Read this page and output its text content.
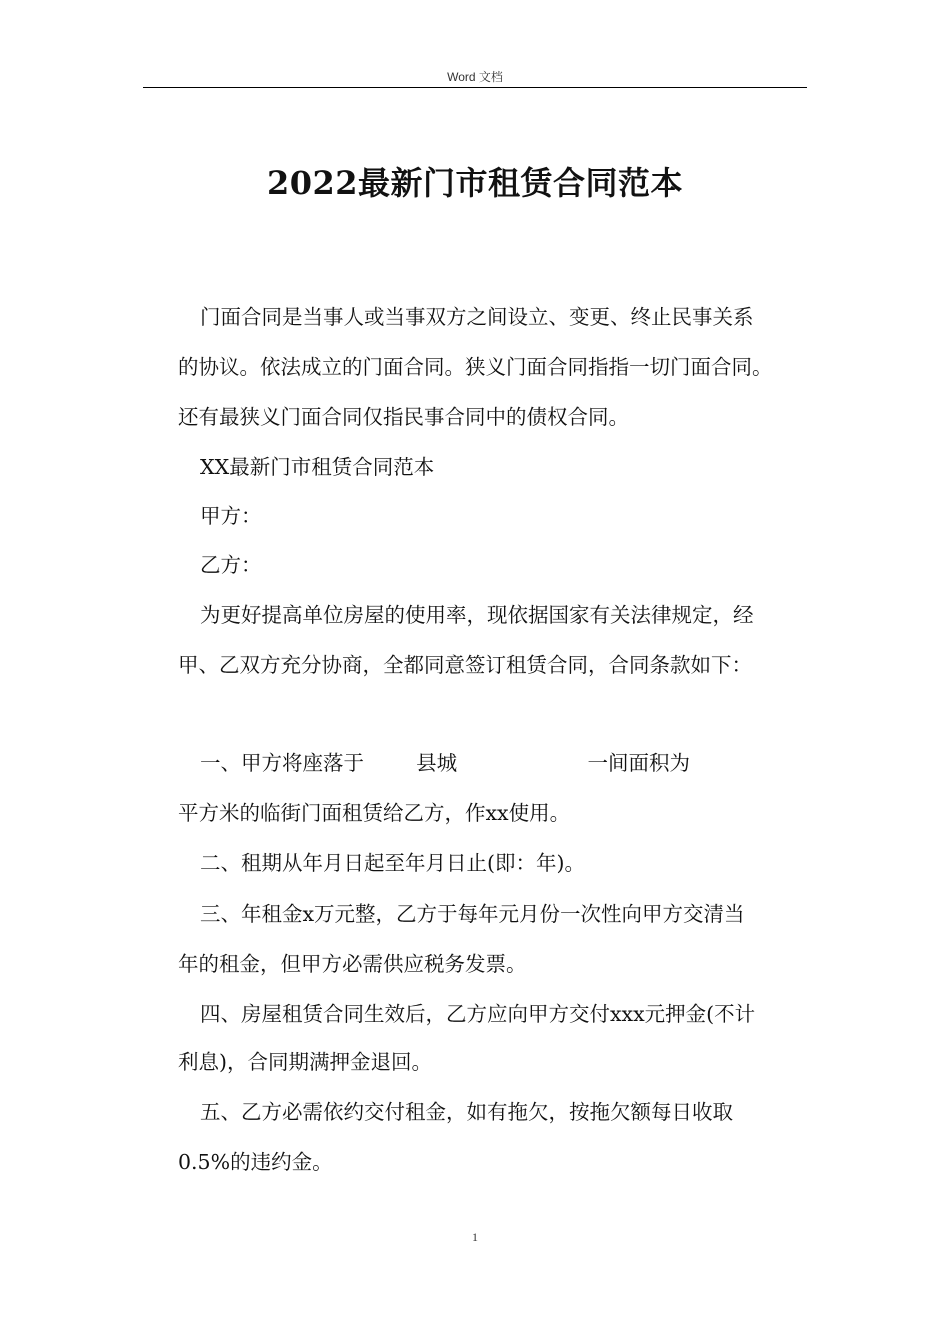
Word 文档
2022最新门市租赁合同范本
门面合同是当事人或当事双方之间设立、变更、终止民事关系
的协议。依法成立的门面合同。狭义门面合同指指一切门面合同。
还有最狭义门面合同仅指民事合同中的债权合同。
XX最新门市租赁合同范本
甲方：
乙方：
为更好提高单位房屋的使用率，现依据国家有关法律规定，经
甲、乙双方充分协商，全都同意签订租赁合同，合同条款如下：
一、甲方将座落于        县城                    一间面积为
平方米的临街门面租赁给乙方，作xx使用。
二、租期从年月日起至年月日止(即：年)。
三、年租金x万元整，乙方于每年元月份一次性向甲方交清当
年的租金，但甲方必需供应税务发票。
四、房屋租赁合同生效后，乙方应向甲方交付xxx元押金(不计
利息)，合同期满押金退回。
五、乙方必需依约交付租金，如有拖欠，按拖欠额每日收取
0.5%的违约金。
1
